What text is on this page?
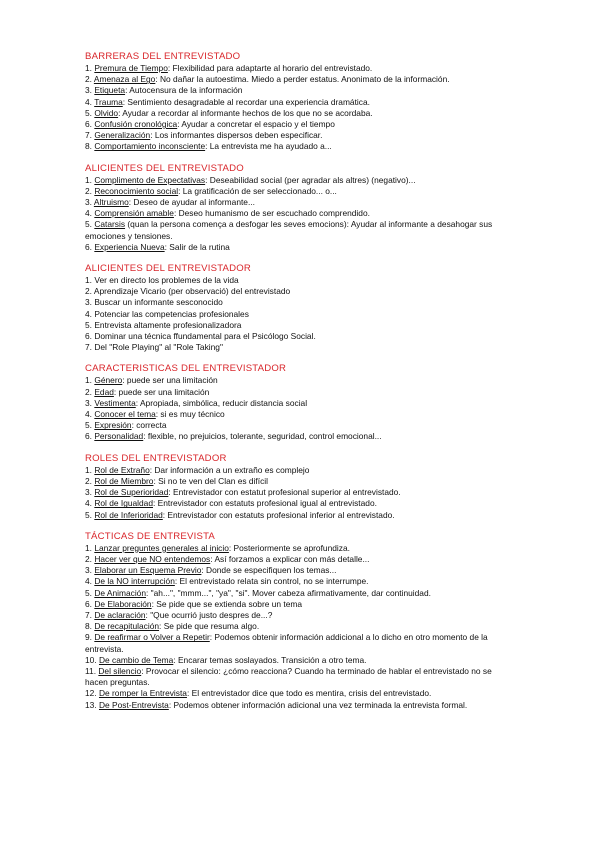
BARRERAS DEL ENTREVISTADO

1. Premura de Tiempo: Flexibilidad para adaptarte al horario del entrevistado.

2. Amenaza al Ego: No dañar la autoestima. Miedo a perder estatus. Anonimato de la información.

3. Etiqueta: Autocensura de la información

4. Trauma: Sentimiento desagradable al recordar una experiencia dramática.

5. Olvido: Ayudar a recordar al informante hechos de los que no se acordaba.

6. Confusión cronológica: Ayudar a concretar el espacio y el tiempo

7. Generalización: Los informantes dispersos deben especificar.

8. Comportamiento inconsciente: La entrevista me ha ayudado a...

ALICIENTES DEL ENTREVISTADO

1. Complimento de Expectativas: Deseabilidad social (per agradar als altres) (negativo)...

2. Reconocimiento social: La gratificación de ser seleccionado... o...

3. Altruismo: Deseo de ayudar al informante...

4. Comprensión amable: Deseo humanismo de ser escuchado comprendido.

5. Catarsis (quan la persona comença a desfogar les seves emocions): Ayudar al informante a desahogar sus emociones y tensiones.

6. Experiencia Nueva: Salir de la rutina

ALICIENTES DEL ENTREVISTADOR

1. Ver en directo los problemes de la vida

2. Aprendizaje Vicario (per observació) del entrevistado

3. Buscar un informante sesconocido

4. Potenciar las competencias profesionales

5. Entrevista altamente profesionalizadora

6. Dominar una técnica ffundamental para el Psicólogo Social.

7. Del "Role Playing" al "Role Taking"

CARACTERISTICAS DEL ENTREVISTADOR

1. Género: puede ser una limitación

2. Edad: puede ser una limitación

3. Vestimenta: Apropiada, simbólica, reducir distancia social

4. Conocer el tema: si es muy técnico

5. Expresión: correcta

6. Personalidad: flexible, no prejuicios, tolerante, seguridad, control emocional...

ROLES DEL ENTREVISTADOR

1. Rol de Extraño: Dar información a un extraño es complejo

2. Rol de Miembro: Si no te ven del Clan es difícil

3. Rol de Superioridad: Entrevistador con estatut profesional superior al entrevistado.

4. Rol de Igualdad: Entrevistador con estatuts profesional igual al entrevistado.

5. Rol de Inferioridad: Entrevistador con estatuts profesional inferior al entrevistado.

TÁCTICAS DE ENTREVISTA

1. Lanzar preguntes generales al inicio: Posteriormente se aprofundiza.

2. Hacer ver que NO entendemos: Así forzamos a explicar con más detalle...

3. Elaborar un Esquema Previo: Donde se especifiquen los temas...

4. De la NO interrupción: El entrevistado relata sin control, no se interrumpe.

5. De Animación: "ah...", "mmm...", "ya", "si". Mover cabeza afirmativamente, dar continuidad.

6. De Elaboración: Se pide que se extienda sobre un tema

7. De aclaración: "Que ocurrió justo despres de...?

8. De recapitulación: Se pide que resuma algo.

9. De reafirmar o Volver a Repetir: Podemos obtenir información addicional a lo dicho en otro momento de la entrevista.

10. De cambio de Tema: Encarar temas soslayados. Transición a otro tema.

11. Del silencio: Provocar el silencio: ¿cómo reacciona? Cuando ha terminado de hablar el entrevistado no se hacen preguntas.

12. De romper la Entrevista: El entrevistador dice que todo es mentira, crisis del entrevistado.

13. De Post-Entrevista: Podemos obtener información adicional una vez terminada la entrevista formal.
